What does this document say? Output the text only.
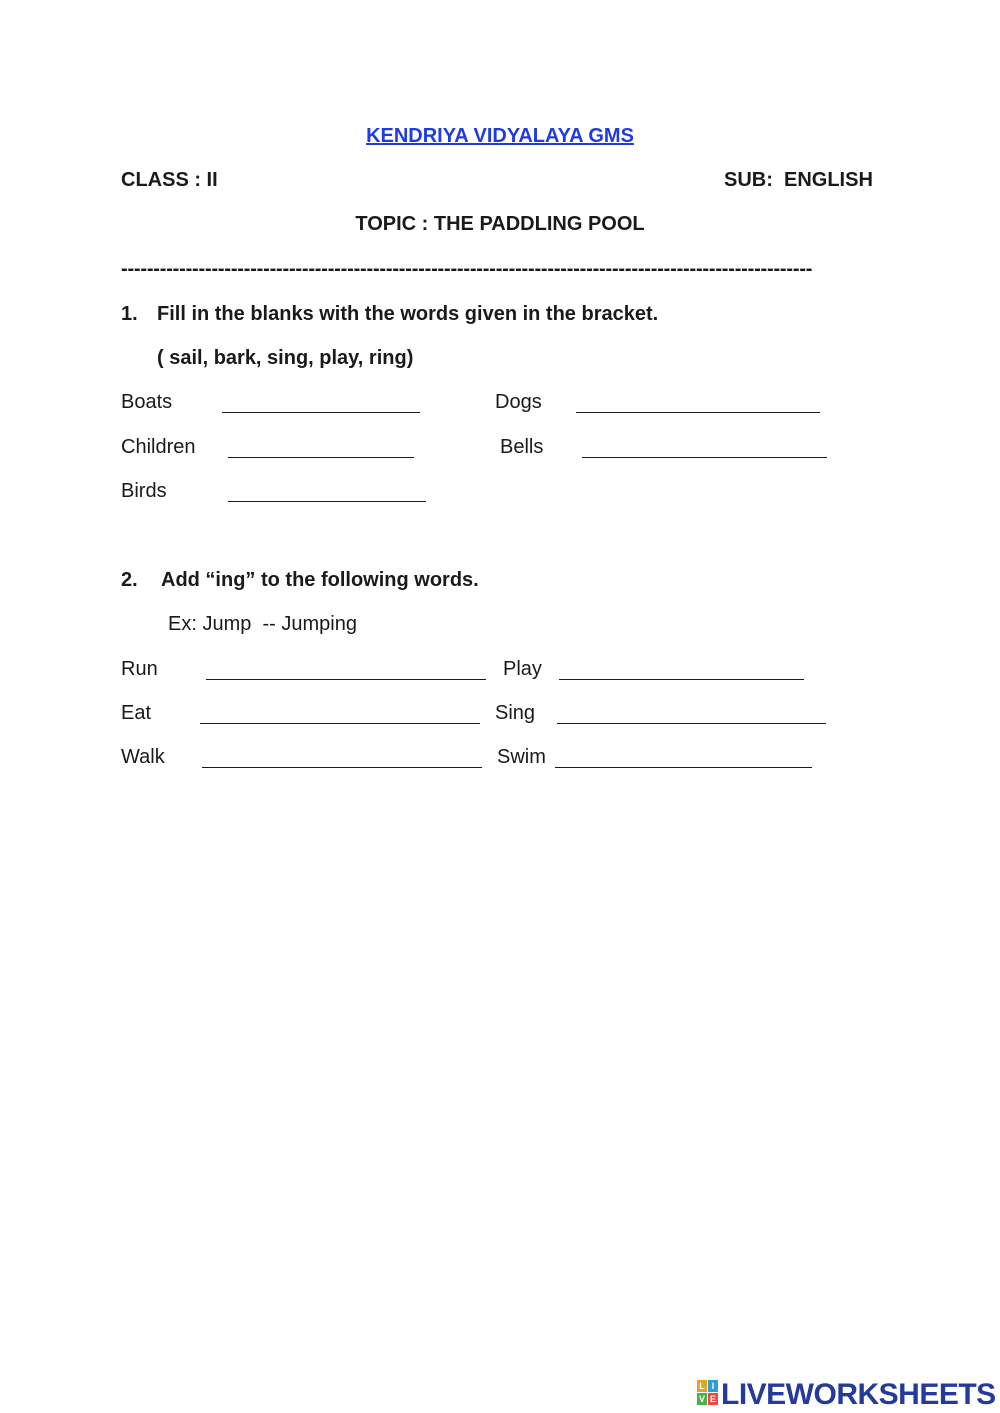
KENDRIYA VIDYALAYA GMS
CLASS : II	SUB:  ENGLISH
TOPIC : THE PADDLING POOL
-----------------------------------------------------------------------------------------------------------
1. Fill in the blanks with the words given in the bracket.
( sail, bark, sing, play, ring)
Boats	Dogs
Children	Bells
Birds
2. Add “ing” to the following words.
Ex: Jump  -- Jumping
Run	Play
Eat	Sing
Walk	Swim
L I
V E LIVEWORKSHEETS
